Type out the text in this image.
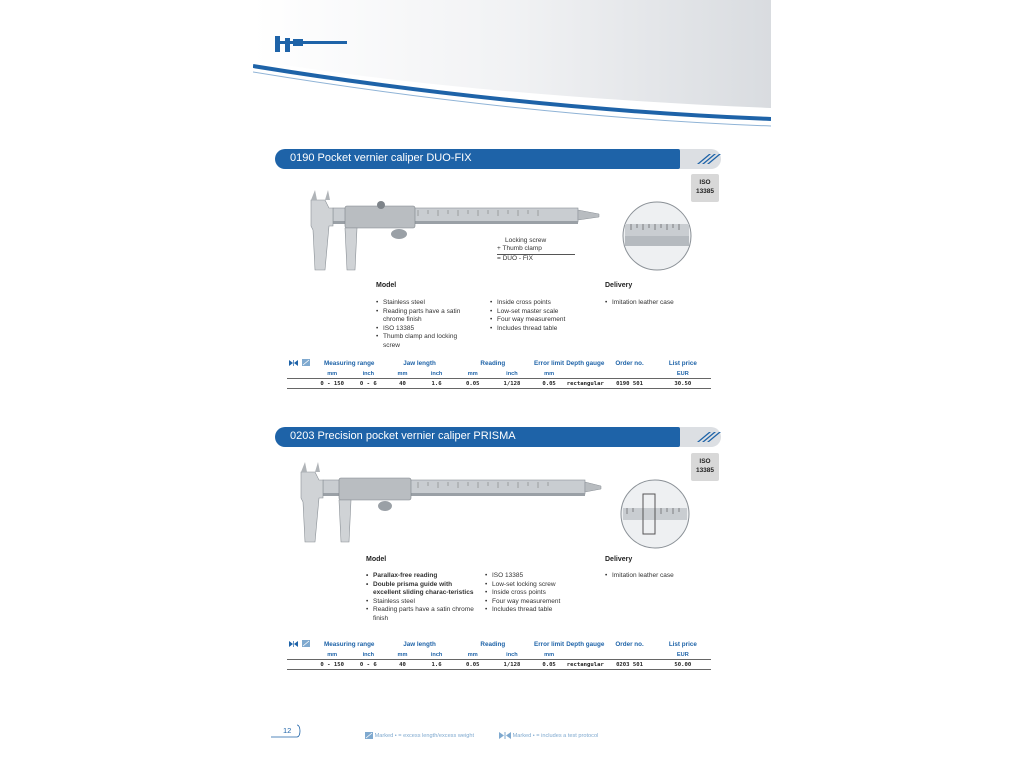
0190 Pocket vernier caliper DUO-FIX
ISO
13385
Locking screw
+ Thumb clamp
= DUO - FIX
Model	Delivery
• Stainless steel
• Reading parts have a satin chrome finish
• ISO 13385
• Thumb clamp and locking screw
• Inside cross points
• Low-set master scale
• Four way measurement
• Includes thread table
• Imitation leather case
		Measuring range		Jaw length		Reading		Error limit	Depth gauge	Order no.	List price
		mm	inch	mm	inch	mm	inch	mm			EUR
		0 - 150	0 - 6	40	1.6	0.05	1/128	0.05	rectangular	0190 501	30.50
0203 Precision pocket vernier caliper PRISMA
ISO
13385
Model	Delivery
• Parallax-free reading
• Double prisma guide with excellent sliding charac-teristics
• Stainless steel
• Reading parts have a satin chrome finish
• ISO 13385
• Low-set locking screw
• Inside cross points
• Four way measurement
• Includes thread table
• Imitation leather case
		Measuring range		Jaw length		Reading		Error limit	Depth gauge	Order no.	List price
		mm	inch	mm	inch	mm	inch	mm			EUR
		0 - 150	0 - 6	40	1.6	0.05	1/128	0.05	rectangular	0203 501	50.00
12
Marked • = excess length/excess weight	Marked • = includes a test protocol
